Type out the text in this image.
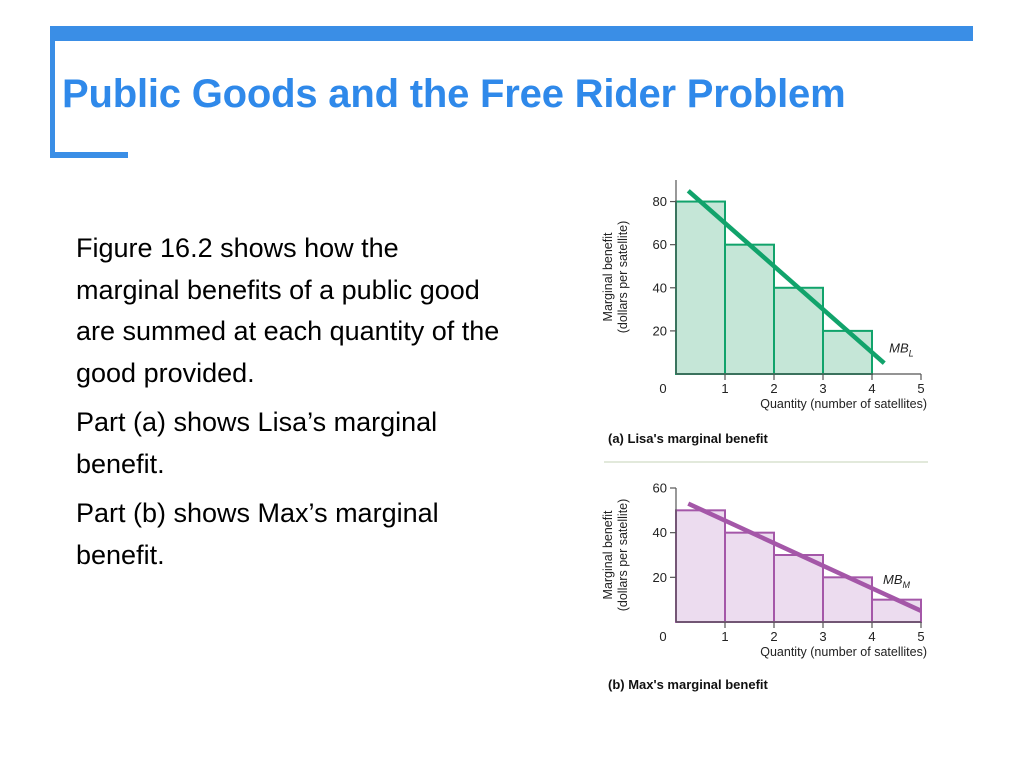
Public Goods and the Free Rider Problem

Figure 16.2 shows how the marginal benefits of a public good are summed at each quantity of the good provided.

Part (a) shows Lisa’s marginal benefit.

Part (b) shows Max’s marginal benefit.

20
40
60
80
1	2	3	4	5
0
Quantity (number of satellites)
Marginal benefit (dollars per satellite)
$MB_L$
(a) Lisa's marginal benefit
20
40
60
1	2	3	4	5
0
Quantity (number of satellites)
Marginal benefit (dollars per satellite)	$MB_M$
(b) Max's marginal benefit
